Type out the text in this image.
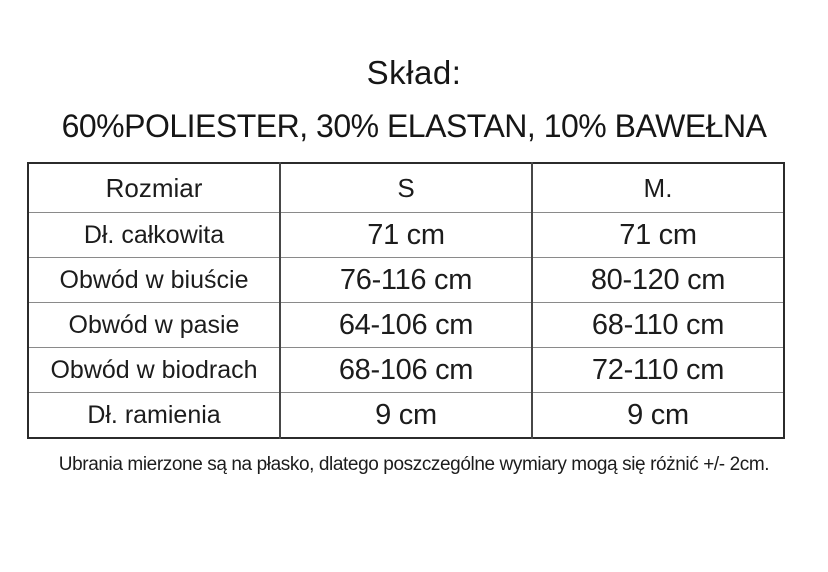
Skład:
60%POLIESTER, 30% ELASTAN, 10% BAWEŁNA
Rozmiar	S	M.
Dł. całkowita	71 cm	71 cm
Obwód w biuście	76-116 cm	80-120 cm
Obwód w pasie	64-106 cm	68-110 cm
Obwód w biodrach	68-106 cm	72-110 cm
Dł. ramienia	9 cm	9 cm
Ubrania mierzone są na płasko, dlatego poszczególne wymiary mogą się różnić +/- 2cm.
